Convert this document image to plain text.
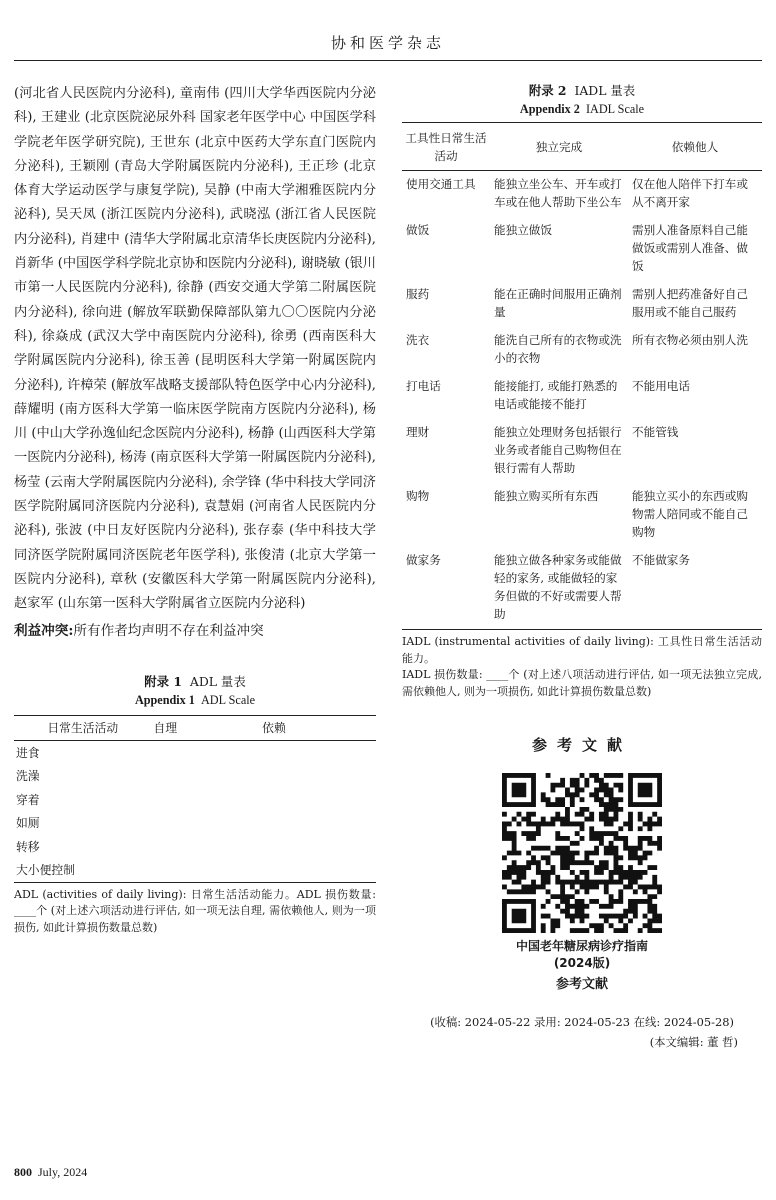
协和医学杂志

(河北省人民医院内分泌科), 童南伟 (四川大学华西医院内分泌科), 王建业 (北京医院泌尿外科 国家老年医学中心 中国医学科学院老年医学研究院), 王世东 (北京中医药大学东直门医院内分泌科), 王颖刚 (青岛大学附属医院内分泌科), 王正珍 (北京体育大学运动医学与康复学院), 吴静 (中南大学湘雅医院内分泌科), 吴天凤 (浙江医院内分泌科), 武晓泓 (浙江省人民医院内分泌科), 肖建中 (清华大学附属北京清华长庚医院内分泌科), 肖新华 (中国医学科学院北京协和医院内分泌科), 谢晓敏 (银川市第一人民医院内分泌科), 徐静 (西安交通大学第二附属医院内分泌科), 徐向进 (解放军联勤保障部队第九〇〇医院内分泌科), 徐焱成 (武汉大学中南医院内分泌科), 徐勇 (西南医科大学附属医院内分泌科), 徐玉善 (昆明医科大学第一附属医院内分泌科), 许樟荣 (解放军战略支援部队特色医学中心内分泌科), 薛耀明 (南方医科大学第一临床医学院南方医院内分泌科), 杨川 (中山大学孙逸仙纪念医院内分泌科), 杨静 (山西医科大学第一医院内分泌科), 杨涛 (南京医科大学第一附属医院内分泌科), 杨莹 (云南大学附属医院内分泌科), 余学锋 (华中科技大学同济医学院附属同济医院内分泌科), 袁慧娟 (河南省人民医院内分泌科), 张波 (中日友好医院内分泌科), 张存泰 (华中科技大学同济医学院附属同济医院老年医学科), 张俊清 (北京大学第一医院内分泌科), 章秋 (安徽医科大学第一附属医院内分泌科), 赵家军 (山东第一医科大学附属省立医院内分泌科)

利益冲突:所有作者均声明不存在利益冲突
附录 1 ADL 量表
Appendix 1 ADL Scale
日常生活活动	自理	依赖
进食		
洗澡		
穿着		
如厕		
转移		
大小便控制		
ADL (activities of daily living): 日常生活活动能力。ADL 损伤数量: ____个 (对上述六项活动进行评估, 如一项无法自理, 需依赖他人, 则为一项损伤, 如此计算损伤数量总数)
附录 2 IADL 量表
Appendix 2 IADL Scale
工具性日常生活活动	独立完成	依赖他人
使用交通工具	能独立坐公车、开车或打车或在他人帮助下坐公车	仅在他人陪伴下打车或从不离开家
做饭	能独立做饭	需别人准备原料自己能做饭或需别人准备、做饭
服药	能在正确时间服用正确剂量	需别人把药准备好自己服用或不能自己服药
洗衣	能洗自己所有的衣物或洗小的衣物	所有衣物必须由别人洗
打电话	能接能打, 或能打熟悉的电话或能接不能打	不能用电话
理财	能独立处理财务包括银行业务或者能自己购物但在银行需有人帮助	不能管钱
购物	能独立购买所有东西	能独立买小的东西或购物需人陪同或不能自己购物
做家务	能独立做各种家务或能做轻的家务, 或能做轻的家务但做的不好或需要人帮助	不能做家务
IADL (instrumental activities of daily living): 工具性日常生活活动能力。
IADL 损伤数量: ____个 (对上述八项活动进行评估, 如一项无法独立完成, 需依赖他人, 则为一项损伤, 如此计算损伤数量总数)
参考文献
中国老年糖尿病诊疗指南 (2024版)
参考文献
(收稿: 2024-05-22 录用: 2024-05-23 在线: 2024-05-28)
(本文编辑: 董 哲)
800 July, 2024
